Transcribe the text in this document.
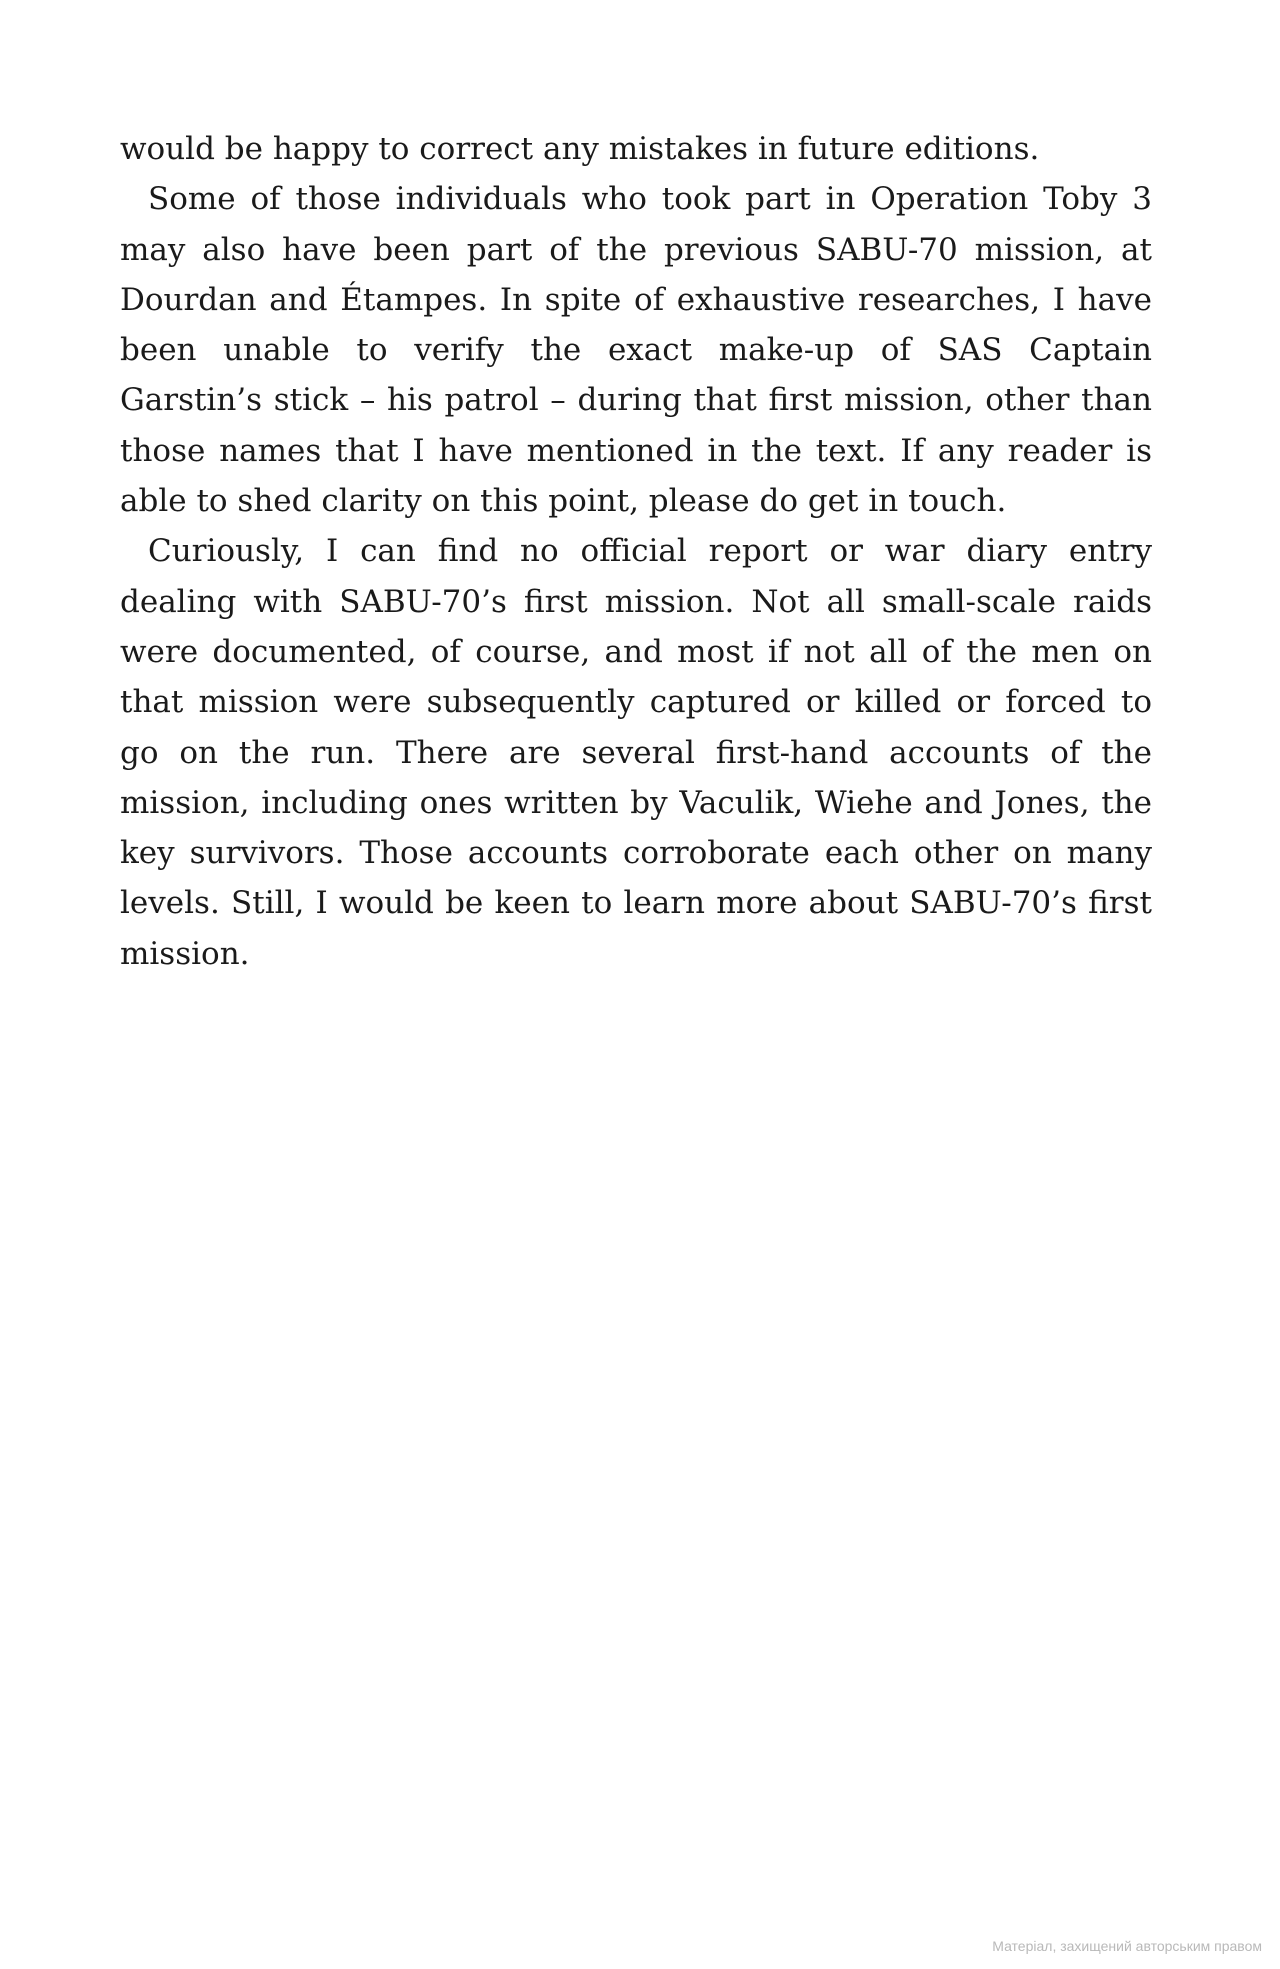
would be happy to correct any mistakes in future editions.

Some of those individuals who took part in Operation Toby 3 may also have been part of the previous SABU-70 mission, at Dourdan and Étampes. In spite of exhaustive researches, I have been unable to verify the exact make-up of SAS Captain Garstin’s stick – his patrol – during that first mission, other than those names that I have mentioned in the text. If any reader is able to shed clarity on this point, please do get in touch.

Curiously, I can find no official report or war diary entry dealing with SABU-70’s first mission. Not all small-scale raids were documented, of course, and most if not all of the men on that mission were subsequently captured or killed or forced to go on the run. There are several first-hand accounts of the mission, including ones written by Vaculik, Wiehe and Jones, the key survivors. Those accounts corroborate each other on many levels. Still, I would be keen to learn more about SABU-70’s first mission.

Матеріал, захищений авторським правом
